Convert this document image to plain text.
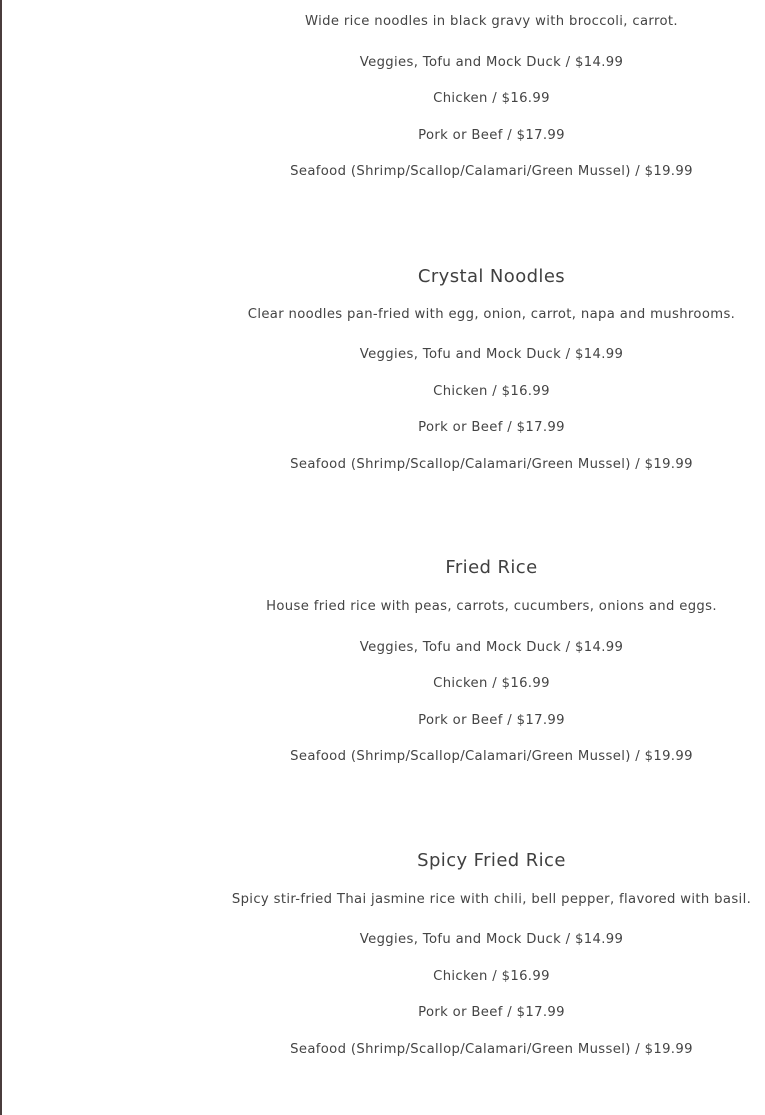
Wide rice noodles in black gravy with broccoli, carrot.
Veggies, Tofu and Mock Duck / $14.99
Chicken / $16.99
Pork or Beef / $17.99
Seafood (Shrimp/Scallop/Calamari/Green Mussel) / $19.99
Crystal Noodles
Clear noodles pan-fried with egg, onion, carrot, napa and mushrooms.
Veggies, Tofu and Mock Duck / $14.99
Chicken / $16.99
Pork or Beef / $17.99
Seafood (Shrimp/Scallop/Calamari/Green Mussel) / $19.99
Fried Rice
House fried rice with peas, carrots, cucumbers, onions and eggs.
Veggies, Tofu and Mock Duck / $14.99
Chicken / $16.99
Pork or Beef / $17.99
Seafood (Shrimp/Scallop/Calamari/Green Mussel) / $19.99
Spicy Fried Rice
Spicy stir-fried Thai jasmine rice with chili, bell pepper, flavored with basil.
Veggies, Tofu and Mock Duck / $14.99
Chicken / $16.99
Pork or Beef / $17.99
Seafood (Shrimp/Scallop/Calamari/Green Mussel) / $19.99
